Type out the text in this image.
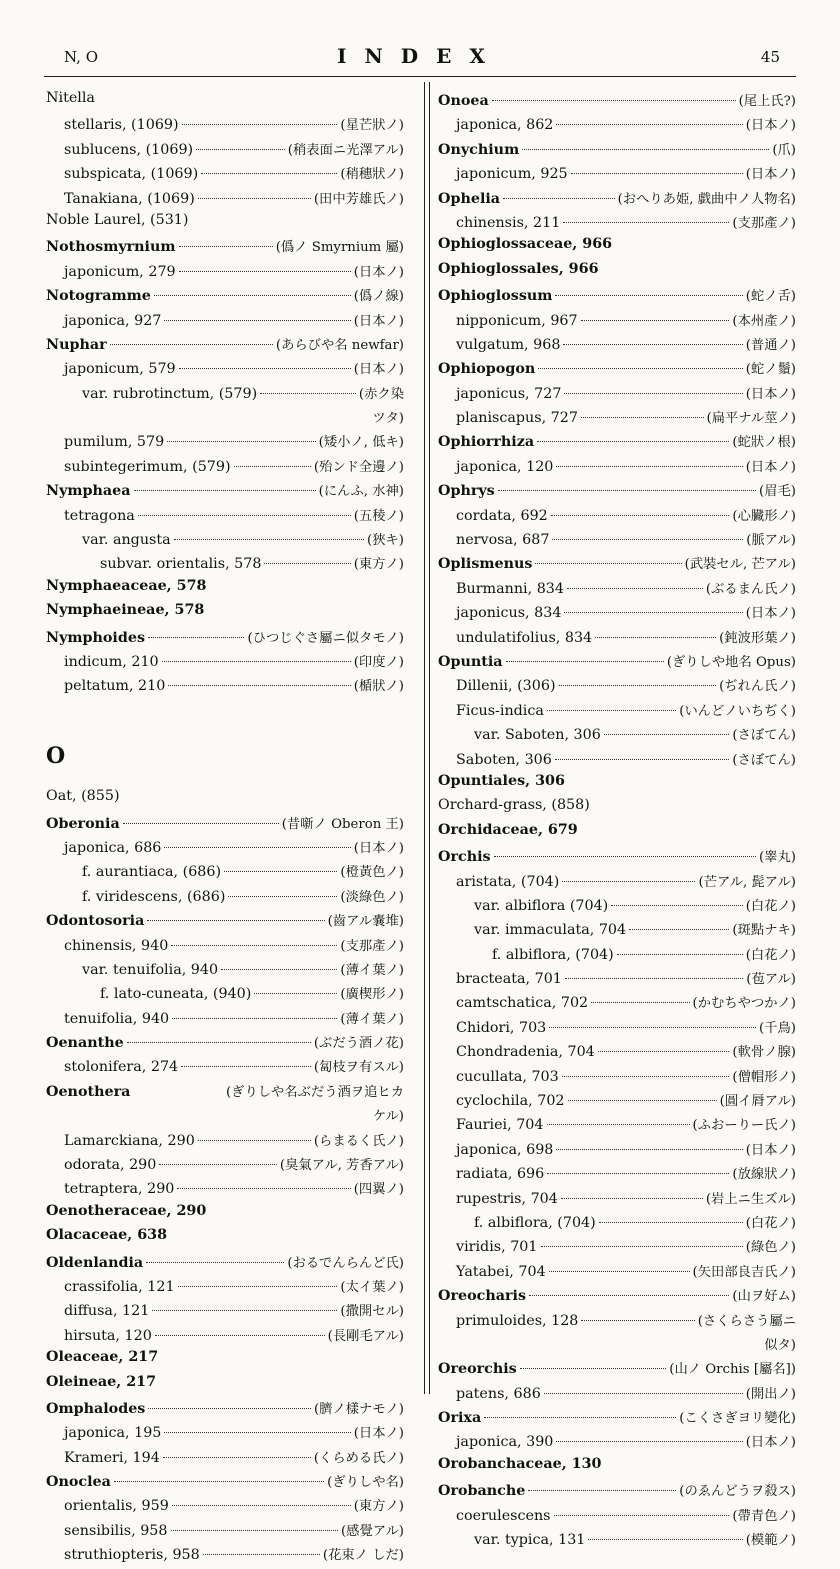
N, O	INDEX	45
Nitella
stellaris, (1069)	(星芒狀ノ)
sublucens, (1069)	(稍表面ニ光澤アル)
subspicata, (1069)	(稍穗狀ノ)
Tanakiana, (1069)	(田中芳雄氏ノ)
Noble Laurel, (531)
Nothosmyrnium	(僞ノ Smyrnium 屬)
japonicum, 279	(日本ノ)
Notogramme	(僞ノ線)
japonica, 927	(日本ノ)
Nuphar	(あらびや名 newfar)
japonicum, 579	(日本ノ)
var. rubrotinctum, (579)	(赤ク染
ツタ)
pumilum, 579	(矮小ノ, 低キ)
subintegerimum, (579)	(殆ンド全邊ノ)
Nymphaea	(にんふ, 水神)
tetragona	(五稜ノ)
var. angusta	(狹キ)
subvar. orientalis, 578	(東方ノ)
Nymphaeaceae, 578
Nymphaeineae, 578
Nymphoides	(ひつじぐさ屬ニ似タモノ)
indicum, 210	(印度ノ)
peltatum, 210	(楯狀ノ)
O
Oat, (855)
Oberonia	(昔噺ノ Oberon 王)
japonica, 686	(日本ノ)
f. aurantiaca, (686)	(橙黃色ノ)
f. viridescens, (686)	(淡綠色ノ)
Odontosoria	(齒アル嚢堆)
chinensis, 940	(支那產ノ)
var. tenuifolia, 940	(薄イ葉ノ)
f. lato-cuneata, (940)	(廣楔形ノ)
tenuifolia, 940	(薄イ葉ノ)
Oenanthe	(ぶだう酒ノ花)
stolonifera, 274	(匐枝ヲ有スル)
Oenothera	(ぎりしや名ぶだう酒ヲ追ヒカ
ケル)
Lamarckiana, 290	(らまるく氏ノ)
odorata, 290	(臭氣アル, 芳香アル)
tetraptera, 290	(四翼ノ)
Oenotheraceae, 290
Olacaceae, 638
Oldenlandia	(おるでんらんど氏)
crassifolia, 121	(太イ葉ノ)
diffusa, 121	(撒開セル)
hirsuta, 120	(長剛毛アル)
Oleaceae, 217
Oleineae, 217
Omphalodes	(臍ノ樣ナモノ)
japonica, 195	(日本ノ)
Krameri, 194	(くらめる氏ノ)
Onoclea	(ぎりしや名)
orientalis, 959	(東方ノ)
sensibilis, 958	(感覺アル)
struthiopteris, 958	(花束ノ しだ)
Onoea	(尾上氏?)
japonica, 862	(日本ノ)
Onychium	(爪)
japonicum, 925	(日本ノ)
Ophelia	(おへりあ姫, 戯曲中ノ人物名)
chinensis, 211	(支那產ノ)
Ophioglossaceae, 966
Ophioglossales, 966
Ophioglossum	(蛇ノ舌)
nipponicum, 967	(本州產ノ)
vulgatum, 968	(普通ノ)
Ophiopogon	(蛇ノ鬚)
japonicus, 727	(日本ノ)
planiscapus, 727	(扁平ナル莖ノ)
Ophiorrhiza	(蛇狀ノ根)
japonica, 120	(日本ノ)
Ophrys	(眉毛)
cordata, 692	(心臟形ノ)
nervosa, 687	(脈アル)
Oplismenus	(武裝セル, 芒アル)
Burmanni, 834	(ぶるまん氏ノ)
japonicus, 834	(日本ノ)
undulatifolius, 834	(鈍波形葉ノ)
Opuntia	(ぎりしや地名 Opus)
Dillenii, (306)	(ぢれん氏ノ)
Ficus-indica	(いんどノいちぢく)
var. Saboten, 306	(さぼてん)
Saboten, 306	(さぼてん)
Opuntiales, 306
Orchard-grass, (858)
Orchidaceae, 679
Orchis	(睾丸)
aristata, (704)	(芒アル, 髭アル)
var. albiflora (704)	(白花ノ)
var. immaculata, 704	(斑點ナキ)
f. albiflora, (704)	(白花ノ)
bracteata, 701	(苞アル)
camtschatica, 702	(かむちやつかノ)
Chidori, 703	(千鳥)
Chondradenia, 704	(軟骨ノ腺)
cucullata, 703	(僧帽形ノ)
cyclochila, 702	(圓イ脣アル)
Fauriei, 704	(ふおーりー氏ノ)
japonica, 698	(日本ノ)
radiata, 696	(放線狀ノ)
rupestris, 704	(岩上ニ生ズル)
f. albiflora, (704)	(白花ノ)
viridis, 701	(綠色ノ)
Yatabei, 704	(矢田部良吉氏ノ)
Oreocharis	(山ヲ好ム)
primuloides, 128	(さくらさう屬ニ
似タ)
Oreorchis	(山ノ Orchis [屬名])
patens, 686	(開出ノ)
Orixa	(こくさぎヨリ變化)
japonica, 390	(日本ノ)
Orobanchaceae, 130
Orobanche	(のゑんどうヲ殺ス)
coerulescens	(帶青色ノ)
var. typica, 131	(模範ノ)
